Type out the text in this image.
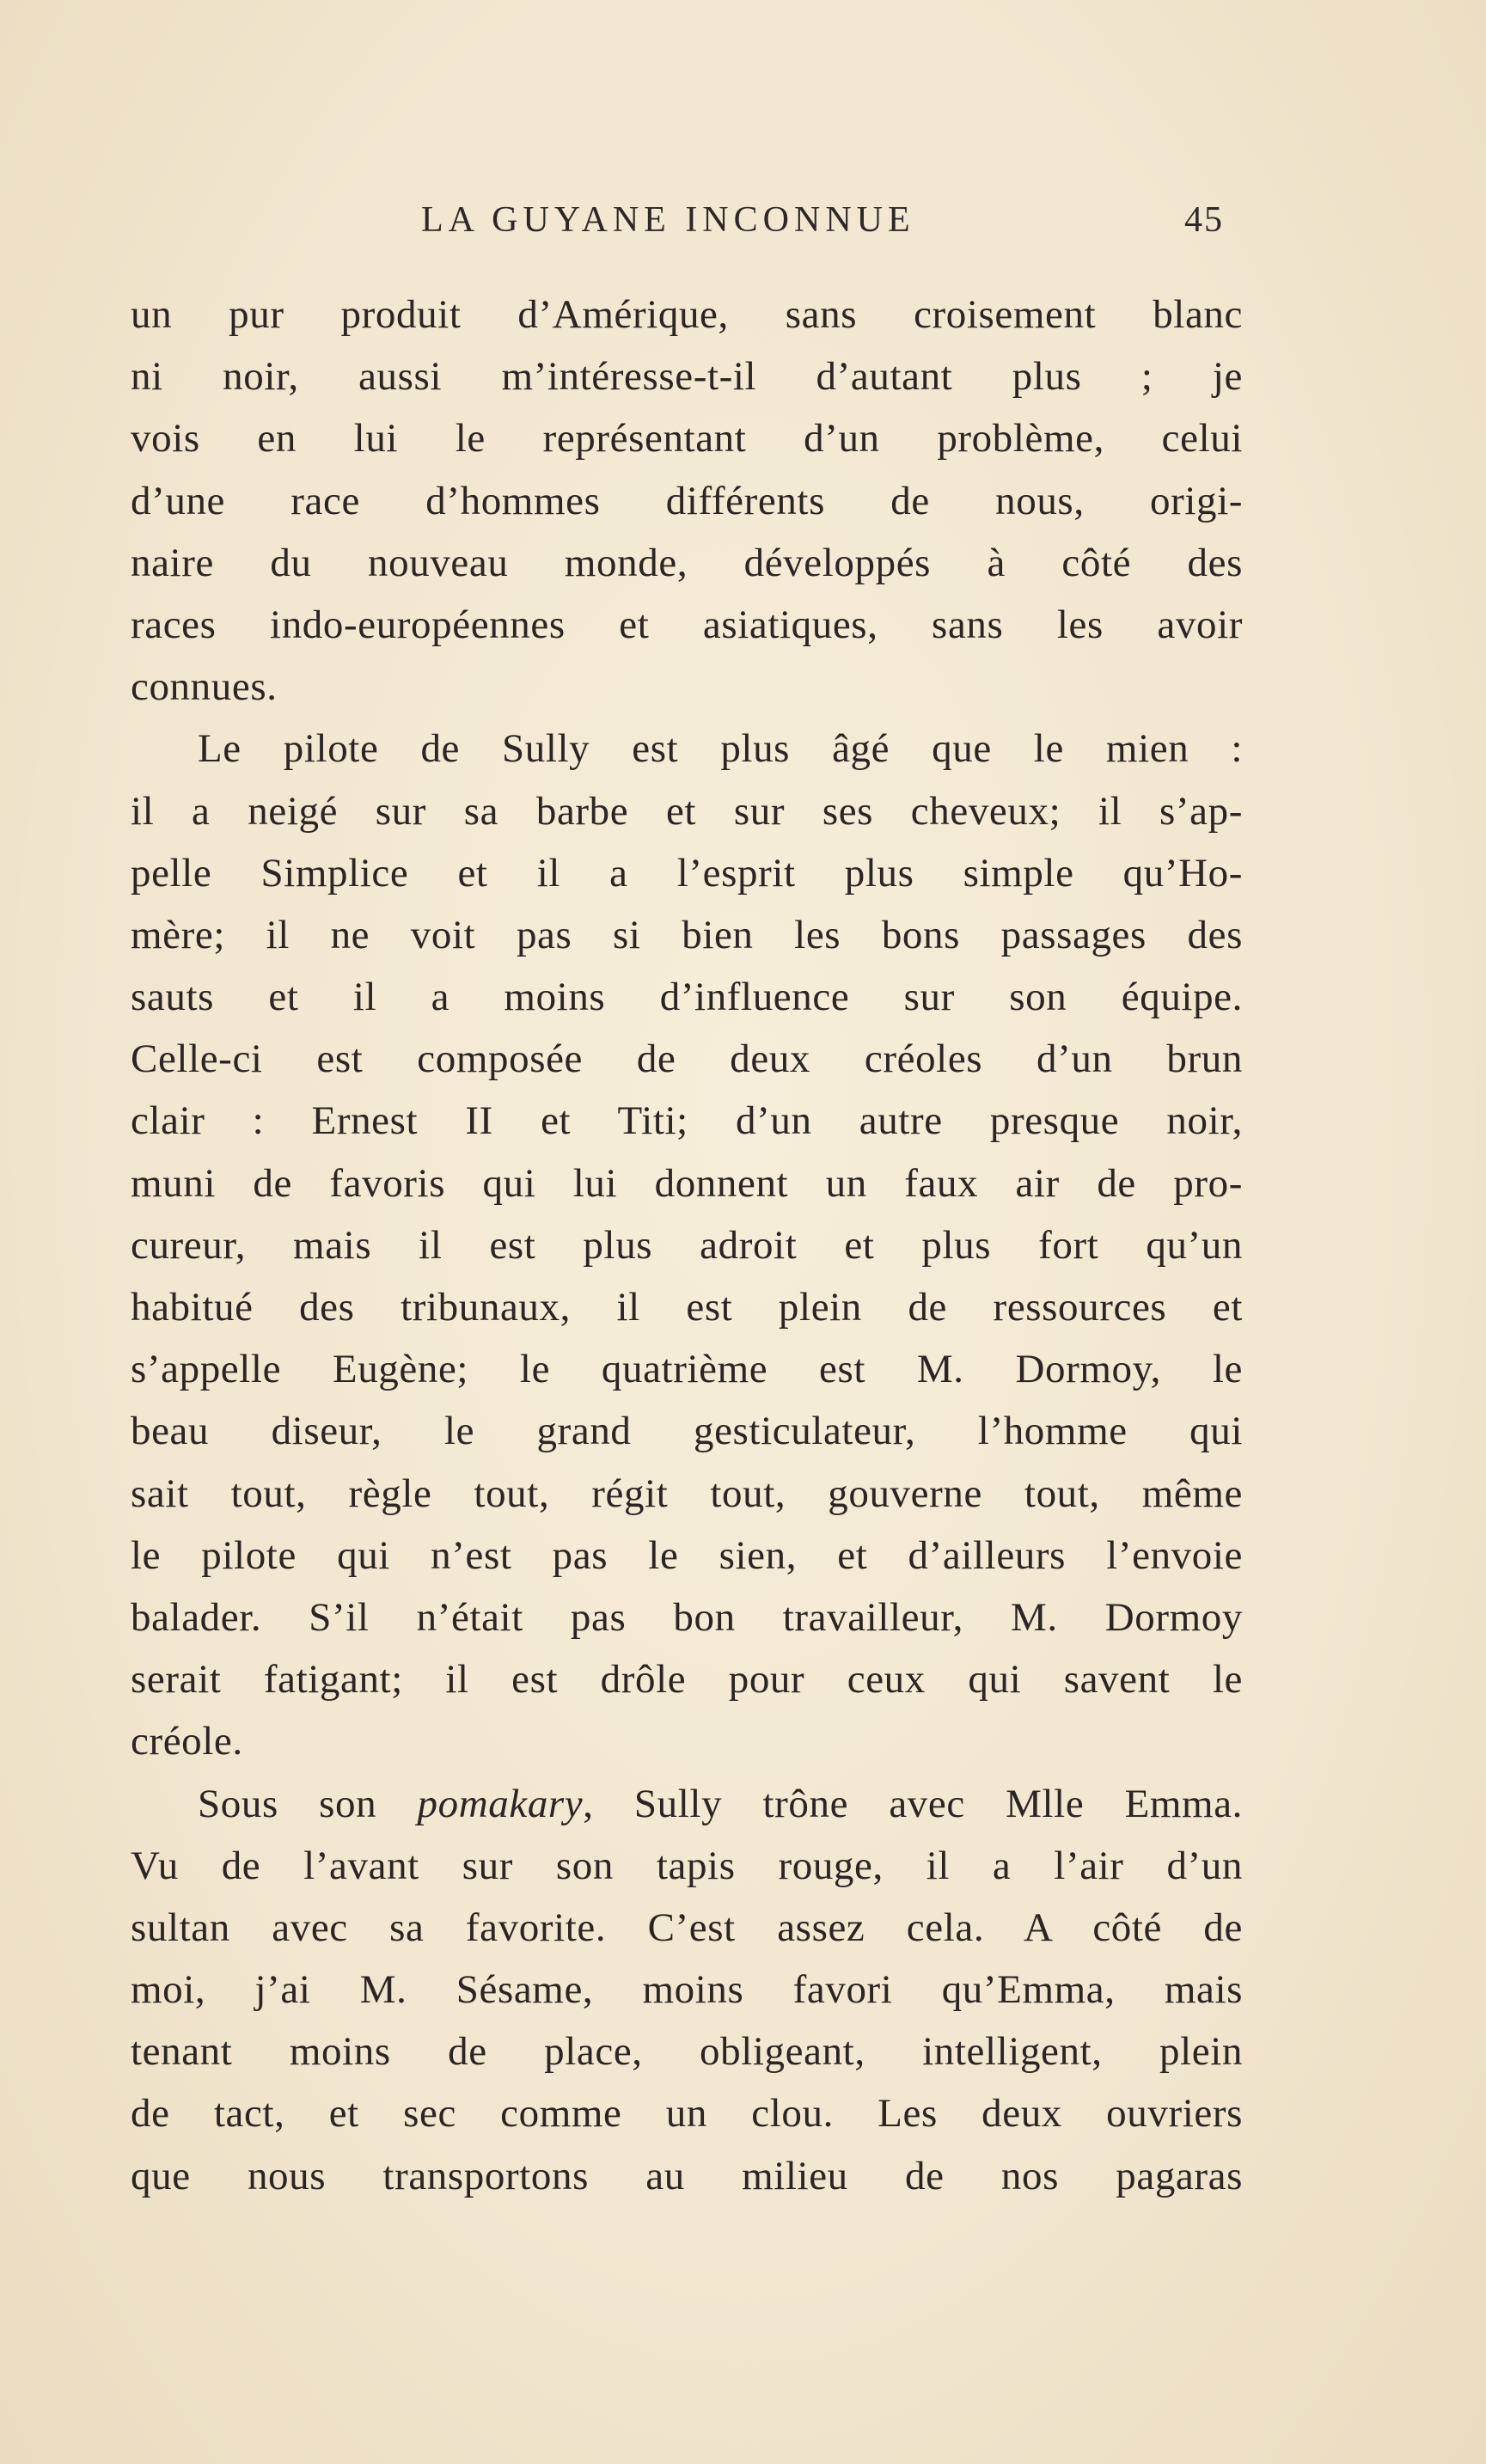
LA GUYANE INCONNUE	45
un pur produit d’Amérique, sans croisement blanc
ni noir, aussi m’intéresse-t-il d’autant plus ; je
vois en lui le représentant d’un problème, celui
d’une race d’hommes différents de nous, origi-
naire du nouveau monde, développés à côté des
races indo-européennes et asiatiques, sans les avoir
connues.
Le pilote de Sully est plus âgé que le mien :
il a neigé sur sa barbe et sur ses cheveux; il s’ap-
pelle Simplice et il a l’esprit plus simple qu’Ho-
mère; il ne voit pas si bien les bons passages des
sauts et il a moins d’influence sur son équipe.
Celle-ci est composée de deux créoles d’un brun
clair : Ernest II et Titi; d’un autre presque noir,
muni de favoris qui lui donnent un faux air de pro-
cureur, mais il est plus adroit et plus fort qu’un
habitué des tribunaux, il est plein de ressources et
s’appelle Eugène; le quatrième est M. Dormoy, le
beau diseur, le grand gesticulateur, l’homme qui
sait tout, règle tout, régit tout, gouverne tout, même
le pilote qui n’est pas le sien, et d’ailleurs l’envoie
balader. S’il n’était pas bon travailleur, M. Dormoy
serait fatigant; il est drôle pour ceux qui savent le
créole.
Sous son pomakary, Sully trône avec Mlle Emma.
Vu de l’avant sur son tapis rouge, il a l’air d’un
sultan avec sa favorite. C’est assez cela. A côté de
moi, j’ai M. Sésame, moins favori qu’Emma, mais
tenant moins de place, obligeant, intelligent, plein
de tact, et sec comme un clou. Les deux ouvriers
que nous transportons au milieu de nos pagaras
